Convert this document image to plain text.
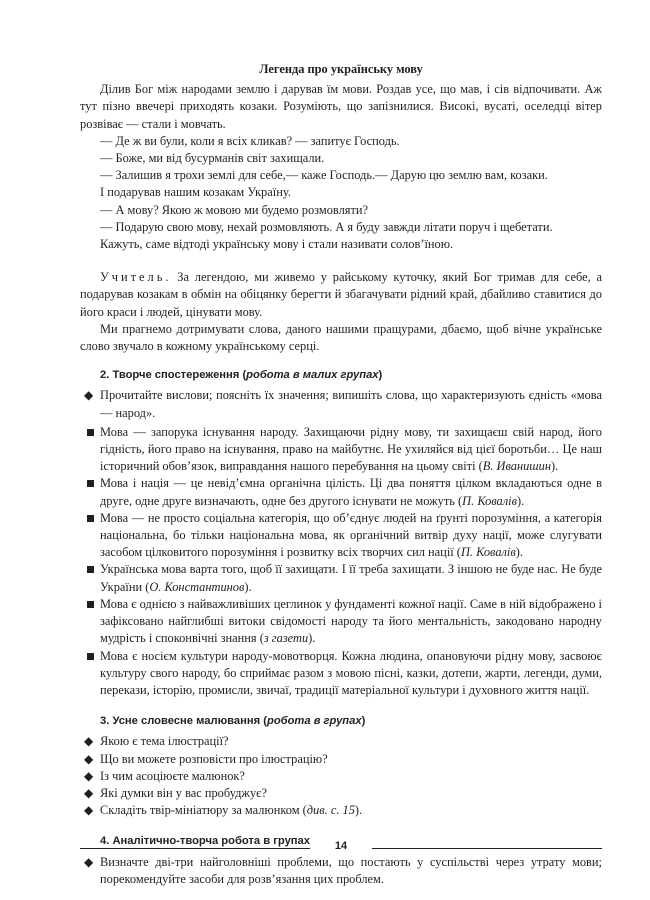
Легенда про українську мову

Ділив Бог між народами землю і дарував їм мови. Роздав усе, що мав, і сів відпочивати. Аж тут пізно ввечері приходять козаки. Розуміють, що запізнилися. Високі, вусаті, оселедці вітер розвіває — стали і мовчать.

— Де ж ви були, коли я всіх кликав? — запитує Господь.

— Боже, ми від бусурманів світ захищали.

— Залишив я трохи землі для себе,— каже Господь.— Дарую цю землю вам, козаки.

І подарував нашим козакам Україну.

— А мову? Якою ж мовою ми будемо розмовляти?

— Подарую свою мову, нехай розмовляють. А я буду завжди літати поруч і щебетати.

Кажуть, саме відтоді українську мову і стали називати солов’їною.

Учитель. За легендою, ми живемо у райському куточку, який Бог тримав для себе, а подарував козакам в обмін на обіцянку берегти й збагачувати рідний край, дбайливо ставитися до його краси і людей, цінувати мову.

Ми прагнемо дотримувати слова, даного нашими пращурами, дбаємо, щоб вічне українське слово звучало в кожному українському серці.

2. Творче спостереження (робота в малих групах)
◆ Прочитайте вислови; поясніть їх значення; випишіть слова, що характеризують єдність «мова — народ».
Мова — запорука існування народу. Захищаючи рідну мову, ти захищаєш свій народ, його гідність, його право на існування, право на майбутнє. Не ухиляйся від цієї боротьби… Це наш історичний обов’язок, виправдання нашого перебування на цьому світі (В. Иванишин).
Мова і нація — це невід’ємна органічна цілість. Ці два поняття цілком вкладаються одне в друге, одне друге визначають, одне без другого існувати не можуть (П. Ковалів).
Мова — не просто соціальна категорія, що об’єднує людей на ґрунті порозуміння, а категорія національна, бо тільки національна мова, як органічний витвір духу нації, може слугувати засобом цілковитого порозуміння і розвитку всіх творчих сил нації (П. Ковалів).
Українська мова варта того, щоб її захищати. І її треба захищати. З іншою не буде нас. Не буде України (О. Константинов).
Мова є однією з найважливіших цеглинок у фундаменті кожної нації. Саме в ній відображено і зафіксовано найглибші витоки свідомості народу та його ментальність, закодовано народну мудрість і споконвічні знання (з газети).
Мова є носієм культури народу-мовотворця. Кожна людина, опановуючи рідну мову, засвоює культуру свого народу, бо сприймає разом з мовою пісні, казки, дотепи, жарти, легенди, думи, перекази, історію, промисли, звичаї, традиції матеріальної культури і духовного життя нації.
3. Усне словесне малювання (робота в групах)
◆ Якою є тема ілюстрації?
◆ Що ви можете розповісти про ілюстрацію?
◆ Із чим асоціюєте малюнок?
◆ Які думки він у вас пробуджує?
◆ Складіть твір-мініатюру за малюнком (див. с. 15).
4. Аналітично-творча робота в групах
◆ Визначте дві-три найголовніші проблеми, що постають у суспільстві через утрату мови; порекомендуйте засоби для розв’язання цих проблем.
14
